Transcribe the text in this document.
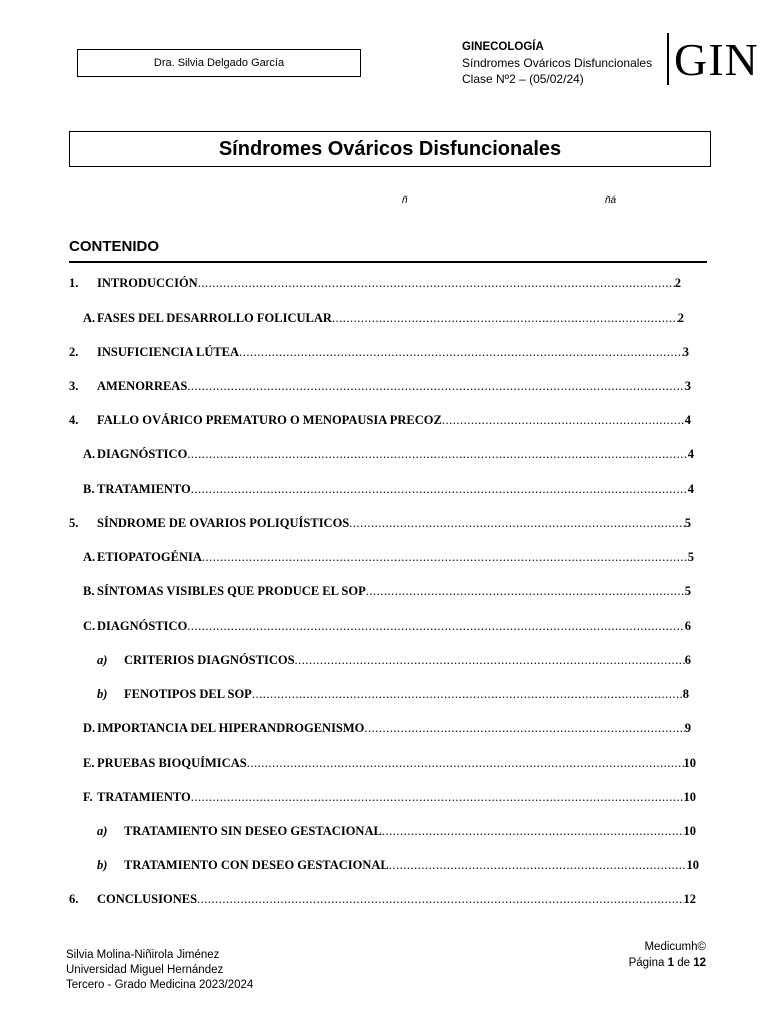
Dra. Silvia Delgado García
GINECOLOGÍA
Síndromes Ováricos Disfuncionales
Clase Nº2 – (05/02/24)	GIN
Síndromes Ováricos Disfuncionales
ñ	ñá
CONTENIDO
1.	INTRODUCCIÓN .....	2
A. FASES DEL DESARROLLO FOLICULAR .....	2
2.	INSUFICIENCIA LÚTEA .....	3
3.	AMENORREAS .....	3
4.	FALLO OVÁRICO PREMATURO O MENOPAUSIA PRECOZ .....	4
A. DIAGNÓSTICO .....	4
B. TRATAMIENTO .....	4
5.	SÍNDROME DE OVARIOS POLIQUÍSTICOS .....	5
A. ETIOPATOGÉNIA .....	5
B. SÍNTOMAS VISIBLES QUE PRODUCE EL SOP .....	5
C. DIAGNÓSTICO .....	6
a)	CRITERIOS DIAGNÓSTICOS .....	6
b)	FENOTIPOS DEL SOP .....	8
D. IMPORTANCIA DEL HIPERANDROGENISMO .....	9
E. PRUEBAS BIOQUÍMICAS .....	10
F. TRATAMIENTO .....	10
a)	TRATAMIENTO SIN DESEO GESTACIONAL .....	10
b)	TRATAMIENTO CON DESEO GESTACIONAL .....	10
6.	CONCLUSIONES .....	12
Silvia Molina-Niñirola Jiménez
Universidad Miguel Hernández
Tercero - Grado Medicina 2023/2024
Medicumh©
Página 1 de 12
